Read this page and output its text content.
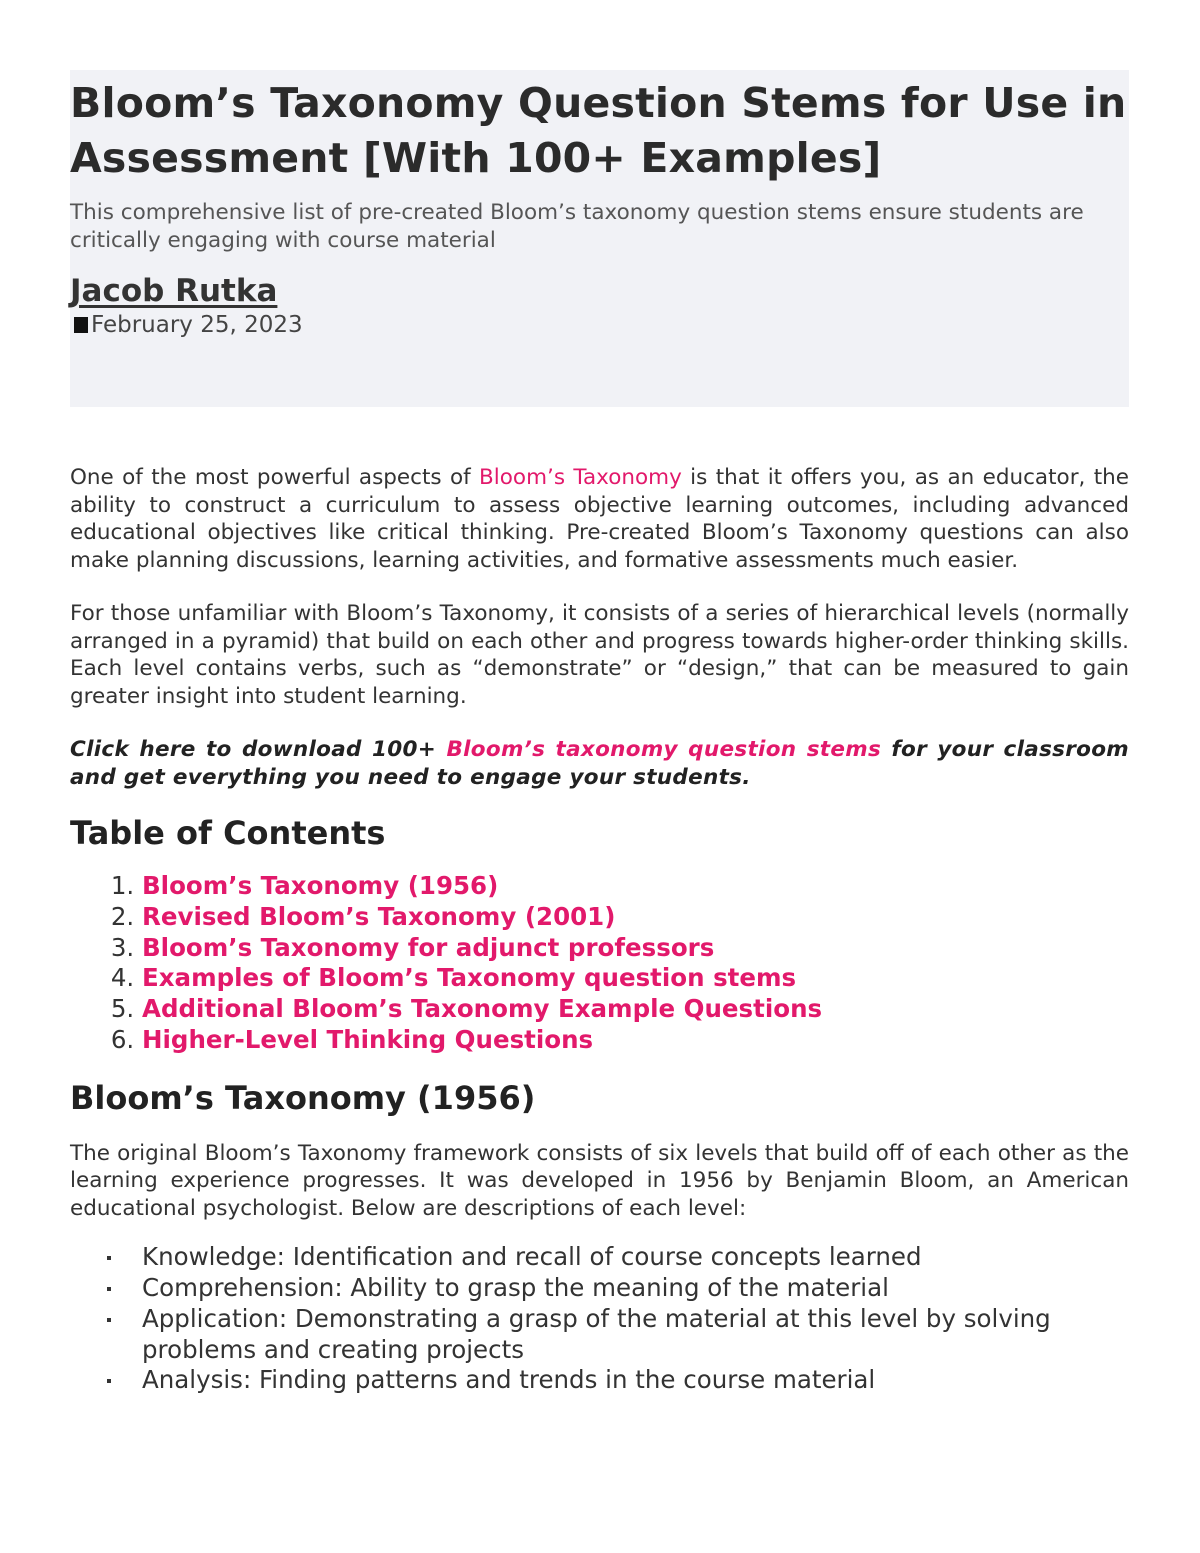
Bloom’s Taxonomy Question Stems for Use in Assessment [With 100+ Examples]

This comprehensive list of pre-created Bloom’s taxonomy question stems ensure students are critically engaging with course material

Jacob Rutka
February 25, 2023

One of the most powerful aspects of Bloom’s Taxonomy is that it offers you, as an educator, the ability to construct a curriculum to assess objective learning outcomes, including advanced educational objectives like critical thinking. Pre-created Bloom’s Taxonomy questions can also make planning discussions, learning activities, and formative assessments much easier.

For those unfamiliar with Bloom’s Taxonomy, it consists of a series of hierarchical levels (normally arranged in a pyramid) that build on each other and progress towards higher-order thinking skills. Each level contains verbs, such as “demonstrate” or “design,” that can be measured to gain greater insight into student learning.

Click here to download 100+ Bloom’s taxonomy question stems for your classroom and get everything you need to engage your students.

Table of Contents
1. Bloom’s Taxonomy (1956)
2. Revised Bloom’s Taxonomy (2001)
3. Bloom’s Taxonomy for adjunct professors
4. Examples of Bloom’s Taxonomy question stems
5. Additional Bloom’s Taxonomy Example Questions
6. Higher-Level Thinking Questions
Bloom’s Taxonomy (1956)

The original Bloom’s Taxonomy framework consists of six levels that build off of each other as the learning experience progresses. It was developed in 1956 by Benjamin Bloom, an American educational psychologist. Below are descriptions of each level:

Knowledge: Identification and recall of course concepts learned
Comprehension: Ability to grasp the meaning of the material
Application: Demonstrating a grasp of the material at this level by solving problems and creating projects
Analysis: Finding patterns and trends in the course material
